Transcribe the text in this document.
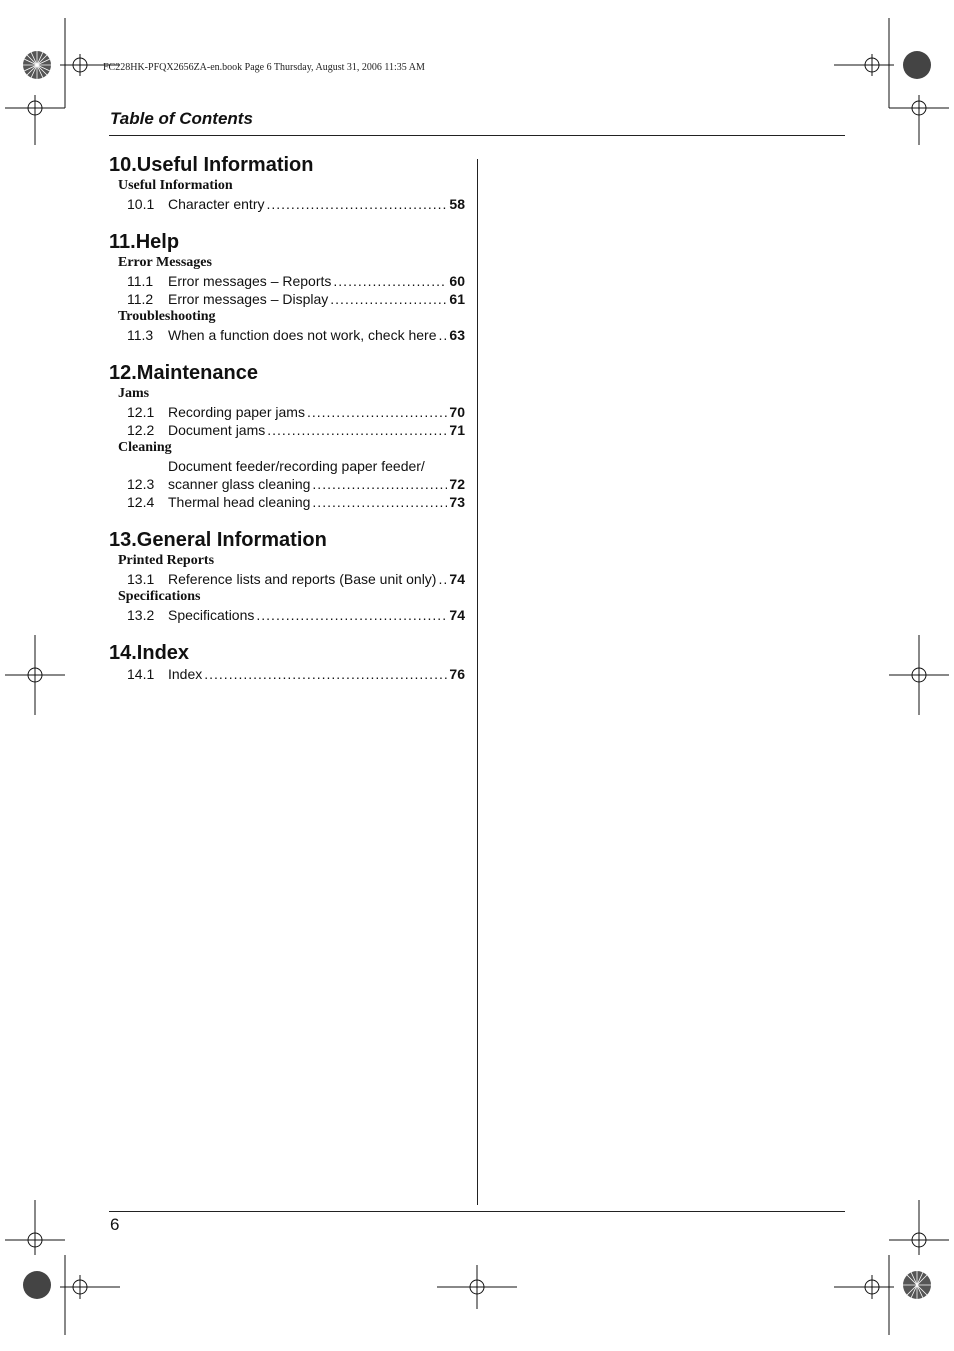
FC228HK-PFQX2656ZA-en.book Page 6 Thursday, August 31, 2006 11:35 AM
Table of Contents
10.Useful Information
Useful Information
10.1 Character entry .....	58
11.Help
Error Messages
11.1	Error messages – Reports .....	60
11.2	Error messages – Display .....	61
Troubleshooting
11.3	When a function does not work, check here ..... 63
12.Maintenance
Jams
12.1 Recording paper jams .....	70
12.2 Document jams .....	71
Cleaning
12.3
Document feeder/recording paper feeder/
scanner glass cleaning .....	72
12.4 Thermal head cleaning .....	73
13.General Information
Printed Reports
13.1 Reference lists and reports (Base unit only) ..... 74
Specifications
13.2 Specifications .....	74
14.Index
14.1 Index .....	76
6
